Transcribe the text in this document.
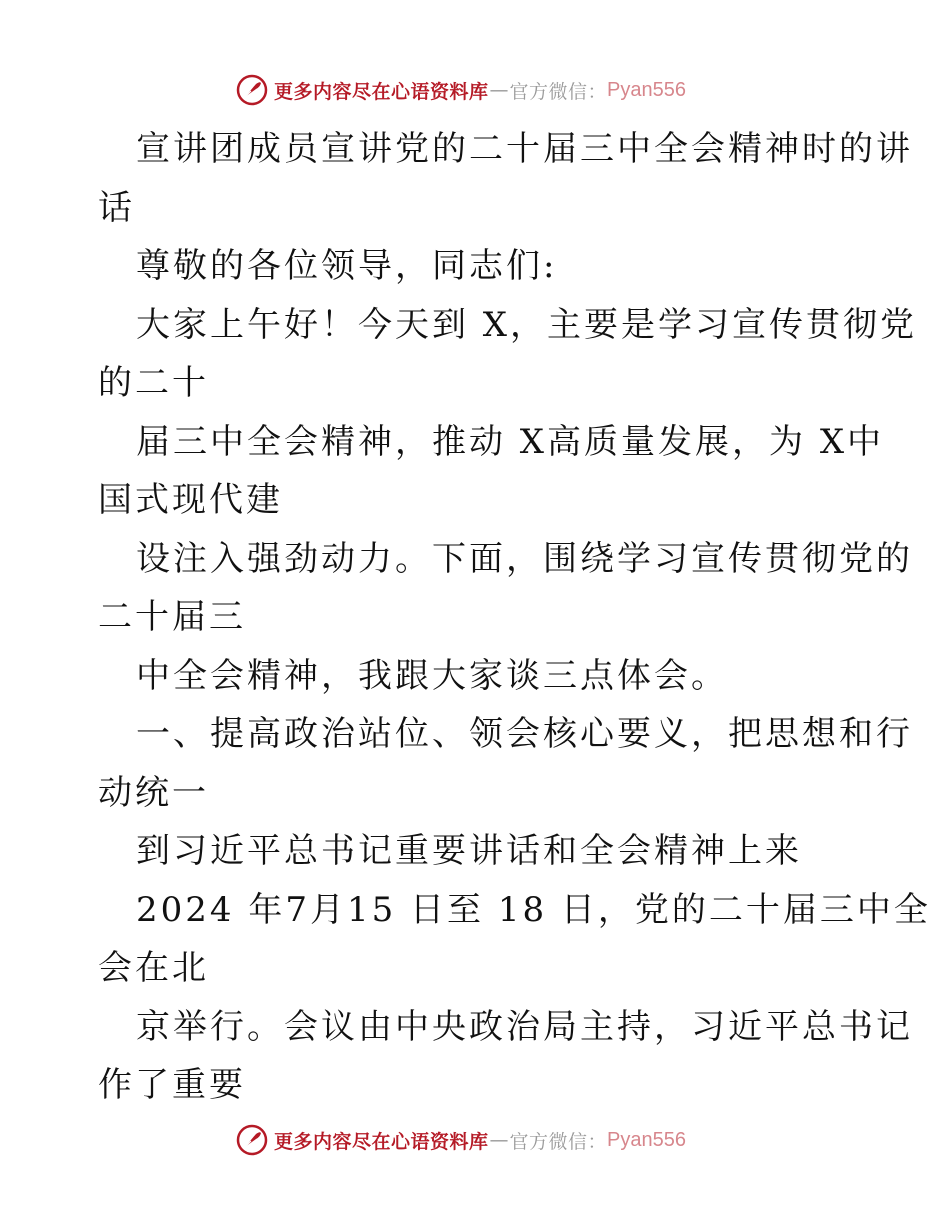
更多内容尽在心语资料库 — 官方微信： Pyan556
宣讲团成员宣讲党的二十届三中全会精神时的讲
话
尊敬的各位领导，同志们:
大家上午好！今天到 X，主要是学习宣传贯彻党
的二十
届三中全会精神，推动 X高质量发展，为 X中
国式现代建
设注入强劲动力。下面，围绕学习宣传贯彻党的
二十届三
中全会精神，我跟大家谈三点体会。
一、提高政治站位、领会核心要义，把思想和行
动统一
到习近平总书记重要讲话和全会精神上来
2024 年7月15 日至 18 日，党的二十届三中全
会在北
京举行。会议由中央政治局主持，习近平总书记
作了重要
更多内容尽在心语资料库 — 官方微信： Pyan556
